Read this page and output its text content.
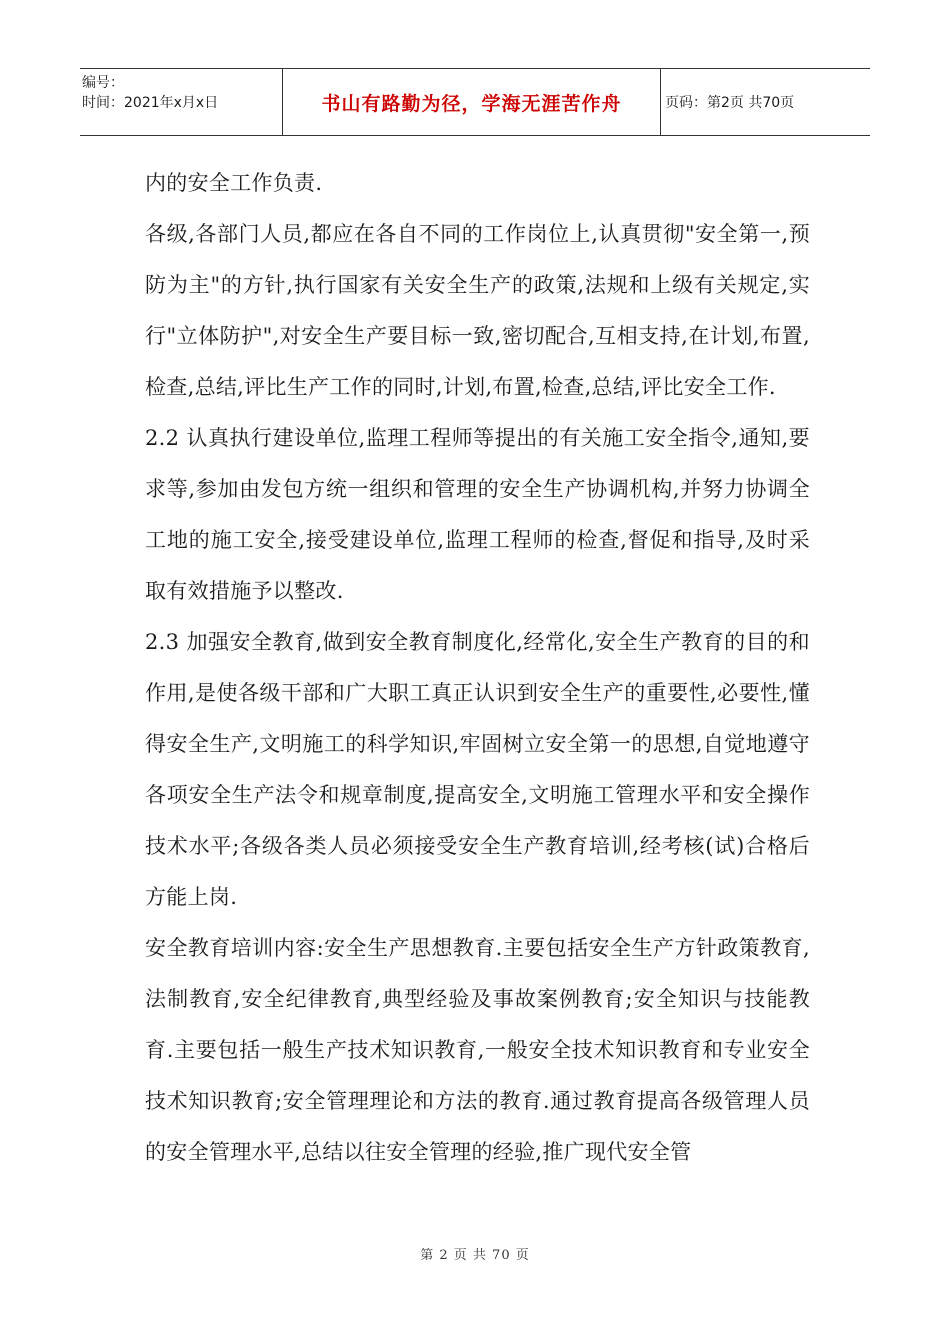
编号：
时间：2021年x月x日	书山有路勤为径，学海无涯苦作舟	页码：第2页 共70页

内的安全工作负责.

各级,各部门人员,都应在各自不同的工作岗位上,认真贯彻"安全第一,预防为主"的方针,执行国家有关安全生产的政策,法规和上级有关规定,实行"立体防护",对安全生产要目标一致,密切配合,互相支持,在计划,布置,检查,总结,评比生产工作的同时,计划,布置,检查,总结,评比安全工作.

2.2 认真执行建设单位,监理工程师等提出的有关施工安全指令,通知,要求等,参加由发包方统一组织和管理的安全生产协调机构,并努力协调全工地的施工安全,接受建设单位,监理工程师的检查,督促和指导,及时采取有效措施予以整改.

2.3 加强安全教育,做到安全教育制度化,经常化,安全生产教育的目的和作用,是使各级干部和广大职工真正认识到安全生产的重要性,必要性,懂得安全生产,文明施工的科学知识,牢固树立安全第一的思想,自觉地遵守各项安全生产法令和规章制度,提高安全,文明施工管理水平和安全操作技术水平;各级各类人员必须接受安全生产教育培训,经考核(试)合格后方能上岗.

安全教育培训内容:安全生产思想教育.主要包括安全生产方针政策教育,法制教育,安全纪律教育,典型经验及事故案例教育;安全知识与技能教育.主要包括一般生产技术知识教育,一般安全技术知识教育和专业安全技术知识教育;安全管理理论和方法的教育.通过教育提高各级管理人员的安全管理水平,总结以往安全管理的经验,推广现代安全管

第 2 页 共 70 页
